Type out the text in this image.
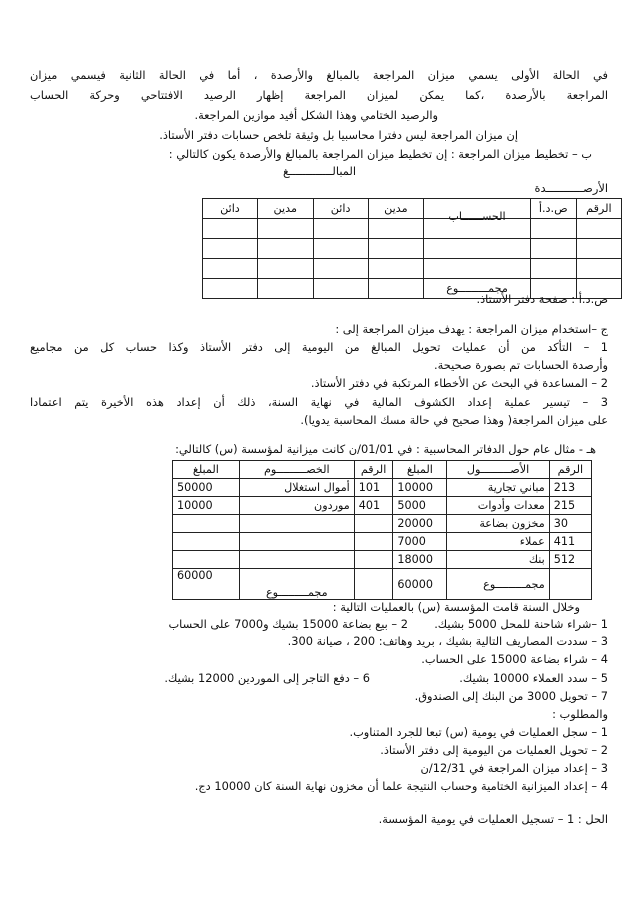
في الحالة الأولى يسمي ميزان المراجعة بالمبالغ والأرصدة ، أما في الحالة الثانية فيسمي ميزان
المراجعة بالأرصدة ،كما يمكن لميزان المراجعة إظهار الرصيد الافتتاحي وحركة الحساب
والرصيد الختامي وهذا الشكل أفيد موازين المراجعة.
إن ميزان المراجعة ليس دفترا محاسبيا بل وثيقة تلخص حسابات دفتر الأستاذ.
ب – تخطيط ميزان المراجعة : إن تخطيط ميزان المراجعة بالمبالغ والأرصدة يكون كالتالي :
المبالـــــــــــــغ
الأرصـــــــــــدة
الرقم	ص.د.أ	الحســــــاب	مدين	دائن	مدين	دائن

		مجمـــــــــوع				
ص.د.أ : صفحة دفتر الأستاذ.
ج –استخدام ميزان المراجعة : يهدف ميزان المراجعة إلى :
1 – التأكد من أن عمليات تحويل المبالغ من اليومية إلى دفتر الأستاذ وكذا حساب كل من مجاميع
وأرصدة الحسابات تم بصورة صحيحة.
2 – المساعدة في البحث عن الأخطاء المرتكبة في دفتر الأستاذ.
3 – تيسير عملية إعداد الكشوف المالية في نهاية السنة، ذلك أن إعداد هذه الأخيرة يتم اعتمادا
على ميزان المراجعة( وهذا صحيح في حالة مسك المحاسبة يدويا).
هـ - مثال عام حول الدفاتر المحاسبية : في 01/01/ن كانت ميزانية لمؤسسة (س) كالتالي:
الرقم	الأصـــــــــول	المبلغ	الرقم	الخصـــــــــوم	المبلغ
213	مباني تجارية	10000	101	أموال استغلال	50000
215	معدات وأدوات	5000	401	موردون	10000
30	مخزون بضاعة	20000			
411	عملاء	7000			
512	بنك	18000			
	مجمـــــــــوع	60000		مجمـــــــــوع	60000
وخلال السنة قامت المؤسسة (س) بالعمليات التالية :
1 –شراء شاحنة للمحل 5000 بشيك.
2 – بيع بضاعة 15000 بشيك و7000 على الحساب
3 – سددت المصاريف التالية بشيك ، بريد وهاتف: 200 ، صيانة 300.
4 – شراء بضاعة 15000 على الحساب.
5 – سدد العملاء 10000 بشيك.
6 – دفع التاجر إلى الموردين 12000 بشيك.
7 – تحويل 3000 من البنك إلى الصندوق.
والمطلوب :
1 – سجل العمليات في يومية (س) تبعا للجرد المتناوب.
2 – تحويل العمليات من اليومية إلى دفتر الأستاذ.
3 – إعداد ميزان المراجعة في 12/31/ن
4 – إعداد الميزانية الختامية وحساب النتيجة علما أن مخزون نهاية السنة كان 10000 دج.
الحل : 1 – تسجيل العمليات في يومية المؤسسة.
